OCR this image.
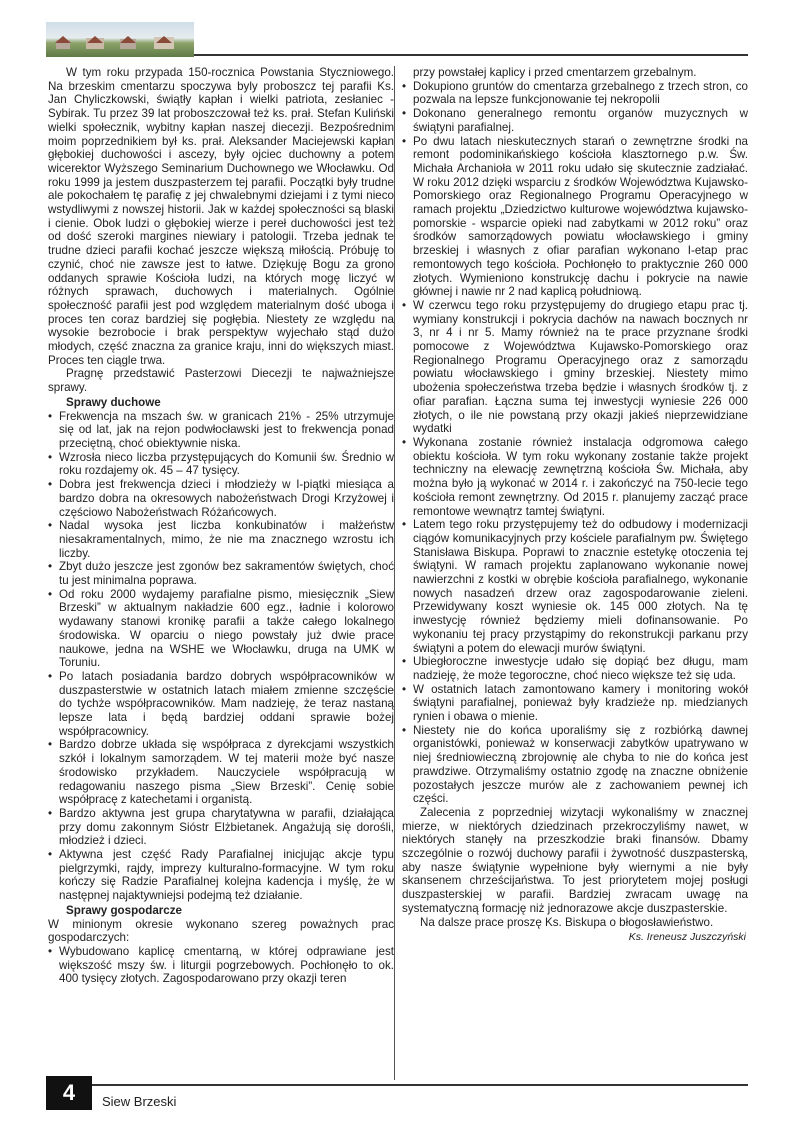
W tym roku przypada 150-rocznica Powstania Styczniowego. Na brzeskim cmentarzu spoczywa byly proboszcz tej parafii Ks. Jan Chyliczkowski, świątły kapłan i wielki patriota, zesłaniec - Sybirak. Tu przez 39 lat proboszczował też ks. prał. Stefan Kuliński wielki społecznik, wybitny kapłan naszej diecezji. Bezpośrednim moim poprzednikiem był ks. prał. Aleksander Maciejewski kapłan głębokiej duchowości i ascezy, były ojciec duchowny a potem wicerektor Wyższego Seminarium Duchownego we Włocławku. Od roku 1999 ja jestem duszpasterzem tej parafii. Początki były trudne ale pokochałem tę parafię z jej chwalebnymi dziejami i z tymi nieco wstydliwymi z nowszej historii. Jak w każdej społeczności są blaski i cienie. Obok ludzi o głębokiej wierze i pereł duchowości jest też od dość szeroki margines niewiary i patologii. Trzeba jednak te trudne dzieci parafii kochać jeszcze większą miłością. Próbuję to czynić, choć nie zawsze jest to łatwe. Dziękuję Bogu za grono oddanych sprawie Kościoła ludzi, na których mogę liczyć w różnych sprawach, duchowych i materialnych. Ogólnie społeczność parafii jest pod względem materialnym dość uboga i proces ten coraz bardziej się pogłębia. Niestety ze względu na wysokie bezrobocie i brak perspektyw wyjechało stąd dużo młodych, część znaczna za granice kraju, inni do większych miast. Proces ten ciągle trwa.

Pragnę przedstawić Pasterzowi Diecezji te najważniejsze sprawy.

Sprawy duchowe
• Frekwencja na mszach św. w granicach 21% - 25% utrzymuje się od lat, jak na rejon podwłocławski jest to frekwencja ponad przeciętną, choć obiektywnie niska.
• Wzrosła nieco liczba przystępujących do Komunii św. Średnio w roku rozdajemy ok. 45 – 47 tysięcy.
• Dobra jest frekwencja dzieci i młodzieży w I-piątki miesiąca a bardzo dobra na okresowych nabożeństwach Drogi Krzyżowej i częściowo Nabożeństwach Różańcowych.
• Nadal wysoka jest liczba konkubinatów i małżeństw niesakramentalnych, mimo, że nie ma znacznego wzrostu ich liczby.
• Zbyt dużo jeszcze jest zgonów bez sakramentów świętych, choć tu jest minimalna poprawa.
• Od roku 2000 wydajemy parafialne pismo, miesięcznik „Siew Brzeski” w aktualnym nakładzie 600 egz., ładnie i kolorowo wydawany stanowi kronikę parafii a także całego lokalnego środowiska. W oparciu o niego powstały już dwie prace naukowe, jedna na WSHE we Włocławku, druga na UMK w Toruniu.
• Po latach posiadania bardzo dobrych współpracowników w duszpasterstwie w ostatnich latach miałem zmienne szczęście do tychże współpracowników. Mam nadzieję, że teraz nastaną lepsze lata i będą bardziej oddani sprawie bożej współpracownicy.
• Bardzo dobrze układa się współpraca z dyrekcjami wszystkich szkół i lokalnym samorządem. W tej materii może być nasze środowisko przykładem. Nauczyciele współpracują w redagowaniu naszego pisma „Siew Brzeski”. Cenię sobie współpracę z katechetami i organistą.
• Bardzo aktywna jest grupa charytatywna w parafii, działająca przy domu zakonnym Sióstr Elżbietanek. Angażują się dorośli, młodzież i dzieci.
• Aktywna jest część Rady Parafialnej inicjując akcje typu pielgrzymki, rajdy, imprezy kulturalno-formacyjne. W tym roku kończy się Radzie Parafialnej kolejna kadencja i myślę, że w następnej najaktywniejsi podejmą też działanie.
Sprawy gospodarcze

W minionym okresie wykonano szereg poważnych prac gospodarczych:

• Wybudowano kaplicę cmentarną, w której odprawiane jest większość mszy św. i liturgii pogrzebowych. Pochłonęło to ok. 400 tysięcy złotych. Zagospodarowano przy okazji teren

przy powstałej kaplicy i przed cmentarzem grzebalnym.

• Dokupiono gruntów do cmentarza grzebalnego z trzech stron, co pozwala na lepsze funkcjonowanie tej nekropolii
• Dokonano generalnego remontu organów muzycznych w świątyni parafialnej.
• Po dwu latach nieskutecznych starań o zewnętrzne środki na remont podominikańskiego kościoła klasztornego p.w. Św. Michała Archanioła w 2011 roku udało się skutecznie zadziałać. W roku 2012 dzięki wsparciu z środków Województwa Kujawsko-Pomorskiego oraz Regionalnego Programu Operacyjnego w ramach projektu „Dziedzictwo kulturowe województwa kujawsko-pomorskie - wsparcie opieki nad zabytkami w 2012 roku” oraz środków samorządowych powiatu włocławskiego i gminy brzeskiej i własnych z ofiar parafian wykonano I-etap prac remontowych tego kościoła. Pochłonęło to praktycznie 260 000 złotych. Wymieniono konstrukcję dachu i pokrycie na nawie głównej i nawie nr 2 nad kaplicą południową.
• W czerwcu tego roku przystępujemy do drugiego etapu prac tj. wymiany konstrukcji i pokrycia dachów na nawach bocznych nr 3, nr 4 i nr 5. Mamy również na te prace przyznane środki pomocowe z Województwa Kujawsko-Pomorskiego oraz Regionalnego Programu Operacyjnego oraz z samorządu powiatu włocławskiego i gminy brzeskiej. Niestety mimo ubożenia społeczeństwa trzeba będzie i własnych środków tj. z ofiar parafian. Łączna suma tej inwestycji wyniesie 226 000 złotych, o ile nie powstaną przy okazji jakieś nieprzewidziane wydatki
• Wykonana zostanie również instalacja odgromowa całego obiektu kościoła. W tym roku wykonany zostanie także projekt techniczny na elewację zewnętrzną kościoła Św. Michała, aby można było ją wykonać w 2014 r. i zakończyć na 750-lecie tego kościoła remont zewnętrzny. Od 2015 r. planujemy zacząć prace remontowe wewnątrz tamtej świątyni.
• Latem tego roku przystępujemy też do odbudowy i modernizacji ciągów komunikacyjnych przy kościele parafialnym pw. Świętego Stanisława Biskupa. Poprawi to znacznie estetykę otoczenia tej świątyni. W ramach projektu zaplanowano wykonanie nowej nawierzchni z kostki w obrębie kościoła parafialnego, wykonanie nowych nasadzeń drzew oraz zagospodarowanie zieleni. Przewidywany koszt wyniesie ok. 145 000 złotych. Na tę inwestycję również będziemy mieli dofinansowanie. Po wykonaniu tej pracy przystąpimy do rekonstrukcji parkanu przy świątyni a potem do elewacji murów świątyni.
• Ubiegłoroczne inwestycje udało się dopiąć bez długu, mam nadzieję, że może tegoroczne, choć nieco większe też się uda.
• W ostatnich latach zamontowano kamery i monitoring wokół świątyni parafialnej, ponieważ były kradzieże np. miedzianych rynien i obawa o mienie.
• Niestety nie do końca uporaliśmy się z rozbiórką dawnej organistówki, ponieważ w konserwacji zabytków upatrywano w niej średniowieczną zbrojownię ale chyba to nie do końca jest prawdziwe. Otrzymaliśmy ostatnio zgodę na znaczne obniżenie pozostałych jeszcze murów ale z zachowaniem pewnej ich części.

Zalecenia z poprzedniej wizytacji wykonaliśmy w znacznej mierze, w niektórych dziedzinach przekroczyliśmy nawet, w niektórych stanęły na przeszkodzie braki finansów. Dbamy szczególnie o rozwój duchowy parafii i żywotność duszpasterską, aby nasze świątynie wypełnione były wiernymi a nie były skansenem chrześcijaństwa. To jest priorytetem mojej posługi duszpasterskiej w parafii. Bardziej zwracam uwagę na systematyczną formację niż jednorazowe akcje duszpasterskie.

Na dalsze prace proszę Ks. Biskupa o błogosławieństwo.

Ks. Ireneusz Juszczyński
4	Siew Brzeski
